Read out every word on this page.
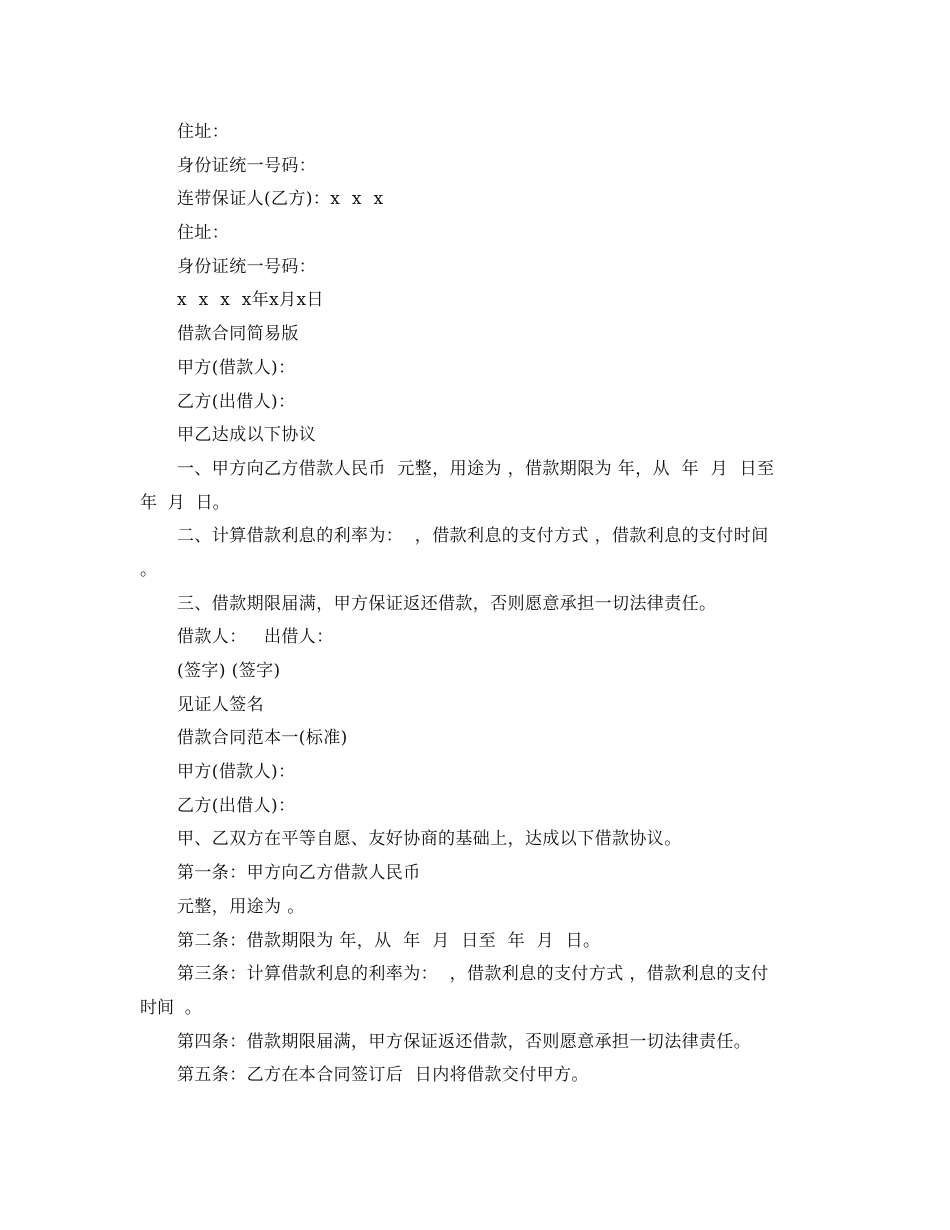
住址：
身份证统一号码：
连带保证人(乙方)：x  x  x
住址：
身份证统一号码：
x  x  x  x年x月x日
借款合同简易版
甲方(借款人)：
乙方(出借人)：
甲乙达成以下协议
一、甲方向乙方借款人民币  元整，用途为 ，借款期限为 年，从  年  月  日至
年  月  日。
二、计算借款利息的利率为：  ，借款利息的支付方式 ，借款利息的支付时间
。
三、借款期限届满，甲方保证返还借款，否则愿意承担一切法律责任。
借款人：   出借人：
(签字) (签字)
见证人签名
借款合同范本一(标准)
甲方(借款人)：
乙方(出借人)：
甲、乙双方在平等自愿、友好协商的基础上，达成以下借款协议。
第一条：甲方向乙方借款人民币
元整，用途为 。
第二条：借款期限为 年，从  年  月  日至  年  月  日。
第三条：计算借款利息的利率为：  ，借款利息的支付方式 ，借款利息的支付
时间  。
第四条：借款期限届满，甲方保证返还借款，否则愿意承担一切法律责任。
第五条：乙方在本合同签订后  日内将借款交付甲方。
